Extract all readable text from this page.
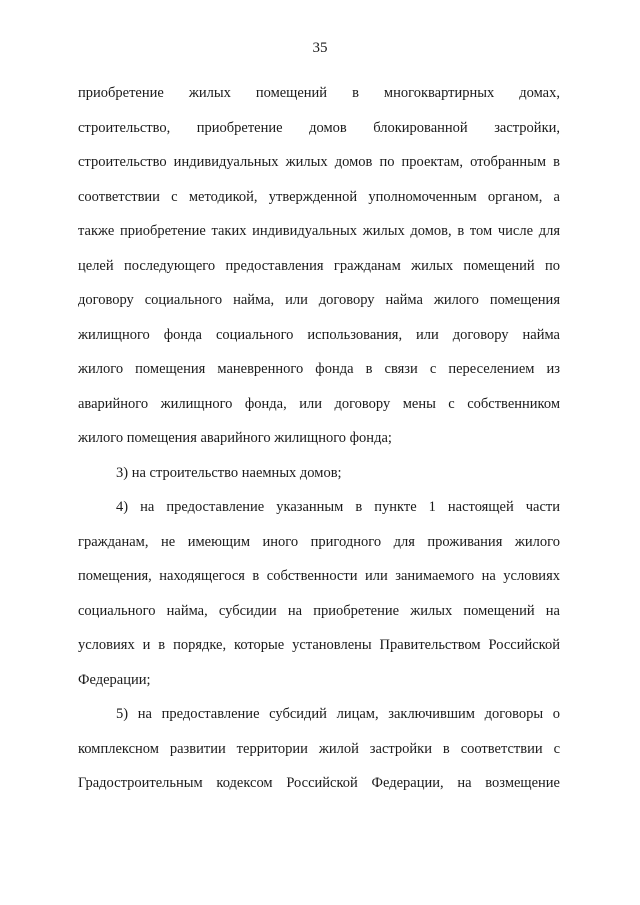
35

приобретение жилых помещений в многоквартирных домах,
строительство, приобретение домов блокированной застройки,
строительство индивидуальных жилых домов по проектам, отобранным в
соответствии с методикой, утвержденной уполномоченным органом, а
также приобретение таких индивидуальных жилых домов, в том числе для
целей последующего предоставления гражданам жилых помещений по
договору социального найма, или договору найма жилого помещения
жилищного фонда социального использования, или договору найма
жилого помещения маневренного фонда в связи с переселением из
аварийного жилищного фонда, или договору мены с собственником
жилого помещения аварийного жилищного фонда;

3) на строительство наемных домов;

4) на предоставление указанным в пункте 1 настоящей части
гражданам, не имеющим иного пригодного для проживания жилого
помещения, находящегося в собственности или занимаемого на условиях
социального найма, субсидии на приобретение жилых помещений на
условиях и в порядке, которые установлены Правительством Российской
Федерации;

5) на предоставление субсидий лицам, заключившим договоры о
комплексном развитии территории жилой застройки в соответствии с
Градостроительным кодексом Российской Федерации, на возмещение
